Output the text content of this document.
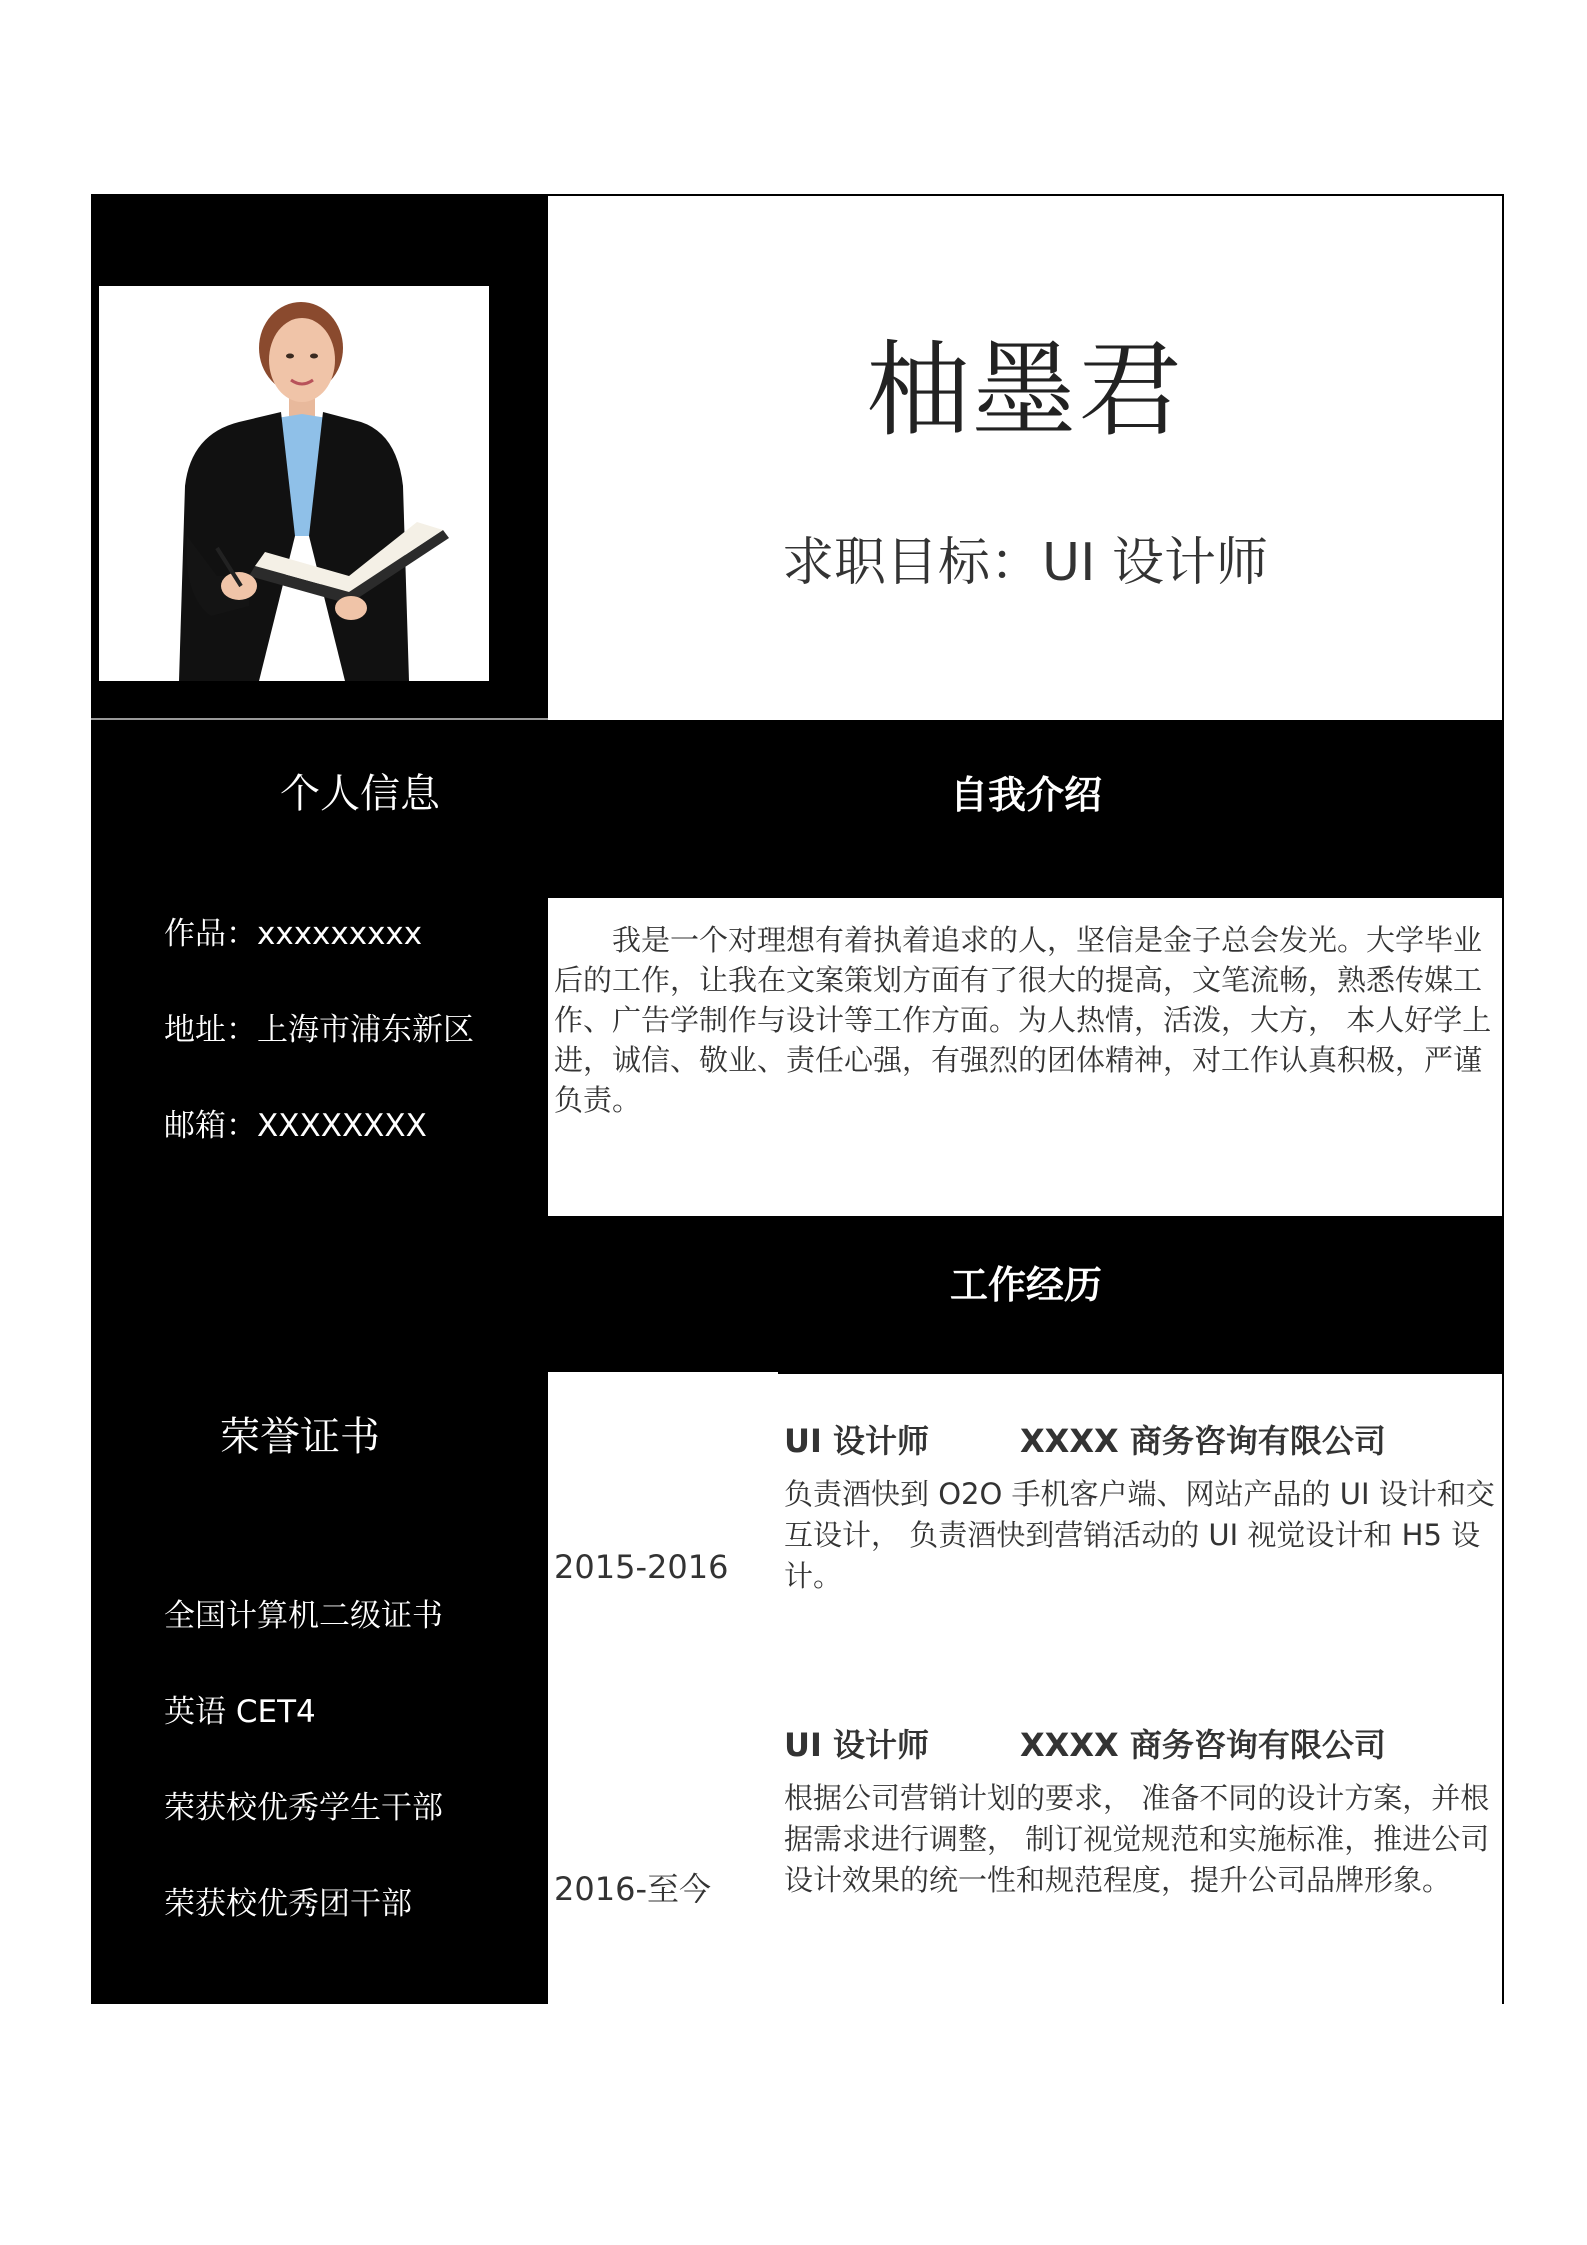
柚墨君
求职目标：UI 设计师
个人信息
作品：xxxxxxxxx
地址：上海市浦东新区
邮箱：XXXXXXXX
荣誉证书
全国计算机二级证书
英语 CET4
荣获校优秀学生干部
荣获校优秀团干部
自我介绍
我是一个对理想有着执着追求的人，坚信是金子总会发光。大学毕业后的工作，让我在文案策划方面有了很大的提高，文笔流畅，熟悉传媒工作、广告学制作与设计等工作方面。为人热情，活泼，大方， 本人好学上进，诚信、敬业、责任心强，有强烈的团体精神，对工作认真积极，严谨负责。
工作经历
2015-2016
UI 设计师	XXXX 商务咨询有限公司
负责酒快到 O2O 手机客户端、网站产品的 UI 设计和交互设计， 负责酒快到营销活动的 UI 视觉设计和 H5 设计。
2016-至今
UI 设计师	XXXX 商务咨询有限公司
根据公司营销计划的要求， 准备不同的设计方案，并根据需求进行调整， 制订视觉规范和实施标准，推进公司设计效果的统一性和规范程度，提升公司品牌形象。
